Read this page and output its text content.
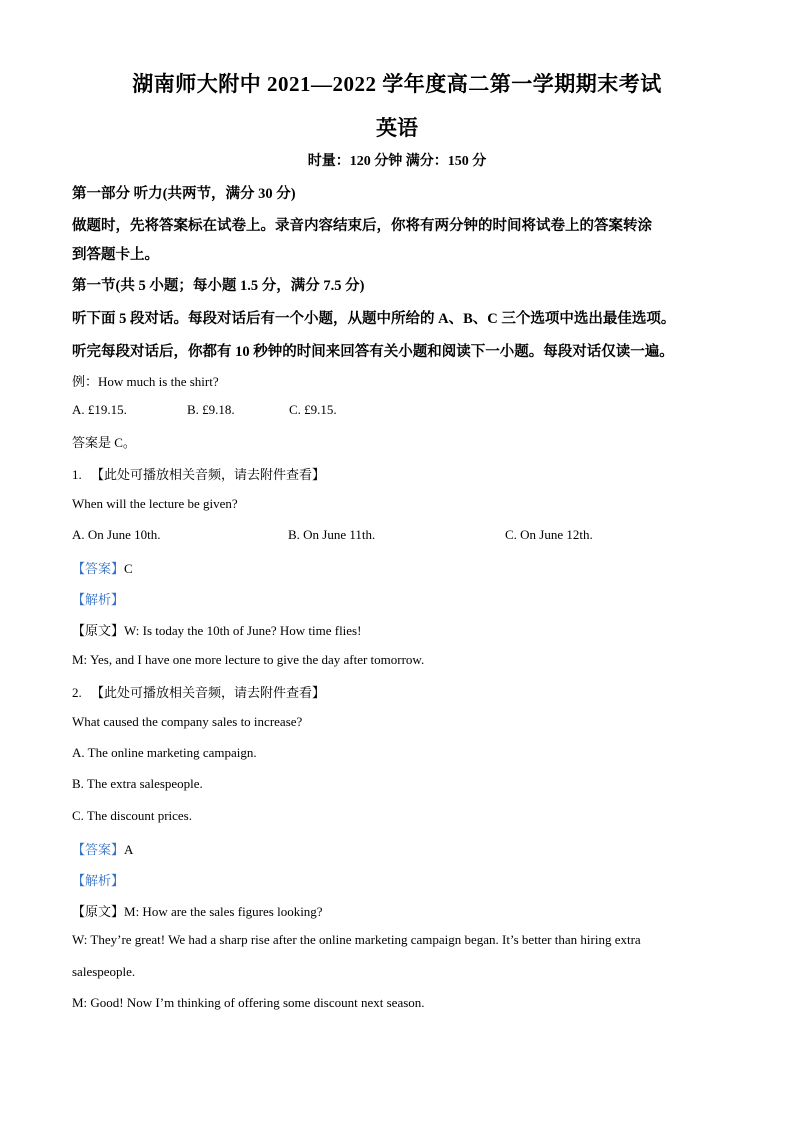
湖南师大附中 2021—2022 学年度高二第一学期期末考试
英语
时量：120 分钟 满分：150 分
第一部分 听力(共两节，满分 30 分)
做题时，先将答案标在试卷上。录音内容结束后，你将有两分钟的时间将试卷上的答案转涂
到答题卡上。
第一节(共 5 小题；每小题 1.5 分，满分 7.5 分)
听下面 5 段对话。每段对话后有一个小题，从题中所给的 A、B、C 三个选项中选出最佳选项。
听完每段对话后，你都有 10 秒钟的时间来回答有关小题和阅读下一小题。每段对话仅读一遍。
例：How much is the shirt?
A. £19.15.	B. £9.18.	C. £9.15.
答案是 C。
1. 【此处可播放相关音频，请去附件查看】
When will the lecture be given?
A. On June 10th.	B. On June 11th.	C. On June 12th.
【答案】C
【解析】
【原文】W: Is today the 10th of June? How time flies!
M: Yes, and I have one more lecture to give the day after tomorrow.
2. 【此处可播放相关音频，请去附件查看】
What caused the company sales to increase?
A. The online marketing campaign.
B. The extra salespeople.
C. The discount prices.
【答案】A
【解析】
【原文】M: How are the sales figures looking?
W: They’re great! We had a sharp rise after the online marketing campaign began. It’s better than hiring extra
salespeople.
M: Good! Now I’m thinking of offering some discount next season.
